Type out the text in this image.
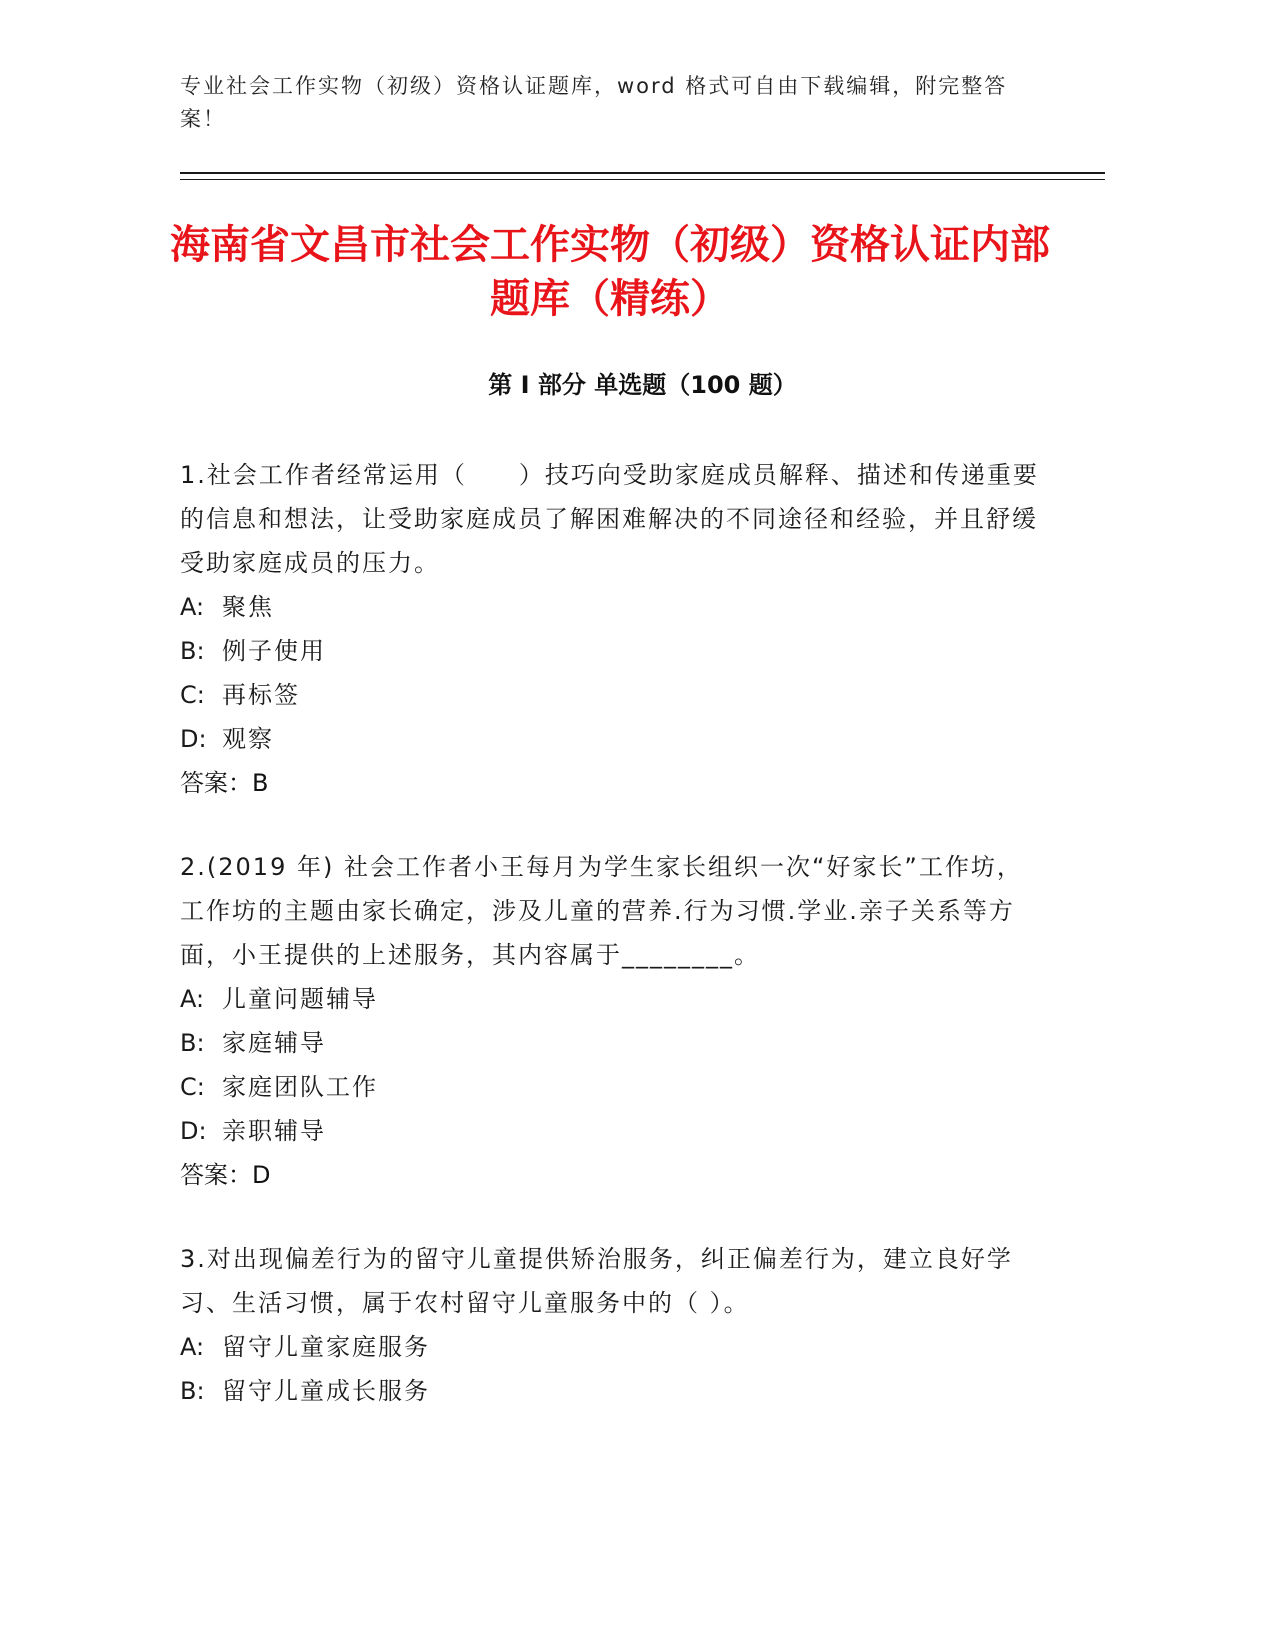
专业社会工作实物（初级）资格认证题库，word 格式可自由下载编辑，附完整答案！

海南省文昌市社会工作实物（初级）资格认证内部题库（精练）
第 I 部分 单选题（100 题）

1.社会工作者经常运用（　　）技巧向受助家庭成员解释、描述和传递重要的信息和想法，让受助家庭成员了解困难解决的不同途径和经验，并且舒缓受助家庭成员的压力。

A: 聚焦

B: 例子使用

C: 再标签

D: 观察

答案：B

2.(2019 年) 社会工作者小王每月为学生家长组织一次“好家长”工作坊，工作坊的主题由家长确定，涉及儿童的营养.行为习惯.学业.亲子关系等方面，小王提供的上述服务，其内容属于________。

A: 儿童问题辅导

B: 家庭辅导

C: 家庭团队工作

D: 亲职辅导

答案：D

3.对出现偏差行为的留守儿童提供矫治服务，纠正偏差行为，建立良好学习、生活习惯，属于农村留守儿童服务中的（ ）。

A: 留守儿童家庭服务

B: 留守儿童成长服务
